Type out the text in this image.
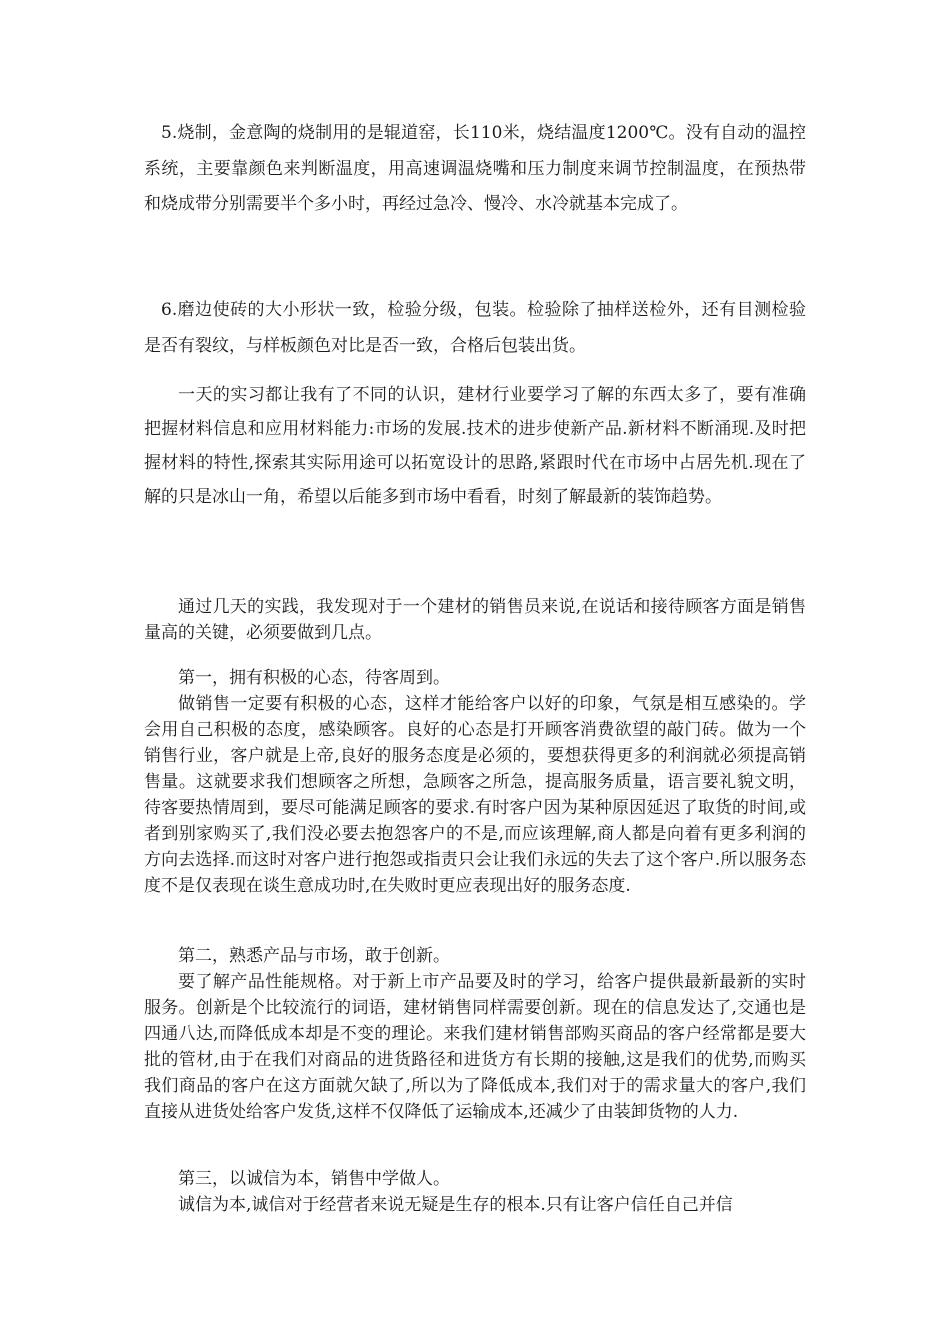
5.烧制，金意陶的烧制用的是辊道窑，长110米，烧结温度1200℃。没有自动的温控系统，主要靠颜色来判断温度，用高速调温烧嘴和压力制度来调节控制温度，在预热带和烧成带分别需要半个多小时，再经过急冷、慢冷、水冷就基本完成了。

6.磨边使砖的大小形状一致，检验分级，包装。检验除了抽样送检外，还有目测检验是否有裂纹，与样板颜色对比是否一致，合格后包装出货。

一天的实习都让我有了不同的认识，建材行业要学习了解的东西太多了，要有准确把握材料信息和应用材料能力:市场的发展.技术的进步使新产品.新材料不断涌现.及时把握材料的特性,探索其实际用途可以拓宽设计的思路,紧跟时代在市场中占居先机.现在了解的只是冰山一角，希望以后能多到市场中看看，时刻了解最新的装饰趋势。

通过几天的实践，我发现对于一个建材的销售员来说,在说话和接待顾客方面是销售量高的关键，必须要做到几点。

第一，拥有积极的心态，待客周到。

做销售一定要有积极的心态，这样才能给客户以好的印象，气氛是相互感染的。学会用自己积极的态度，感染顾客。良好的心态是打开顾客消费欲望的敲门砖。做为一个销售行业，客户就是上帝,良好的服务态度是必须的，要想获得更多的利润就必须提高销售量。这就要求我们想顾客之所想，急顾客之所急，提高服务质量，语言要礼貌文明，待客要热情周到，要尽可能满足顾客的要求.有时客户因为某种原因延迟了取货的时间,或者到别家购买了,我们没必要去抱怨客户的不是,而应该理解,商人都是向着有更多利润的方向去选择.而这时对客户进行抱怨或指责只会让我们永远的失去了这个客户.所以服务态度不是仅表现在谈生意成功时,在失败时更应表现出好的服务态度.

第二，熟悉产品与市场，敢于创新。

要了解产品性能规格。对于新上市产品要及时的学习，给客户提供最新最新的实时服务。创新是个比较流行的词语，建材销售同样需要创新。现在的信息发达了,交通也是四通八达,而降低成本却是不变的理论。来我们建材销售部购买商品的客户经常都是要大批的管材,由于在我们对商品的进货路径和进货方有长期的接触,这是我们的优势,而购买我们商品的客户在这方面就欠缺了,所以为了降低成本,我们对于的需求量大的客户,我们直接从进货处给客户发货,这样不仅降低了运输成本,还减少了由装卸货物的人力.

第三，以诚信为本，销售中学做人。

诚信为本,诚信对于经营者来说无疑是生存的根本.只有让客户信任自己并信
